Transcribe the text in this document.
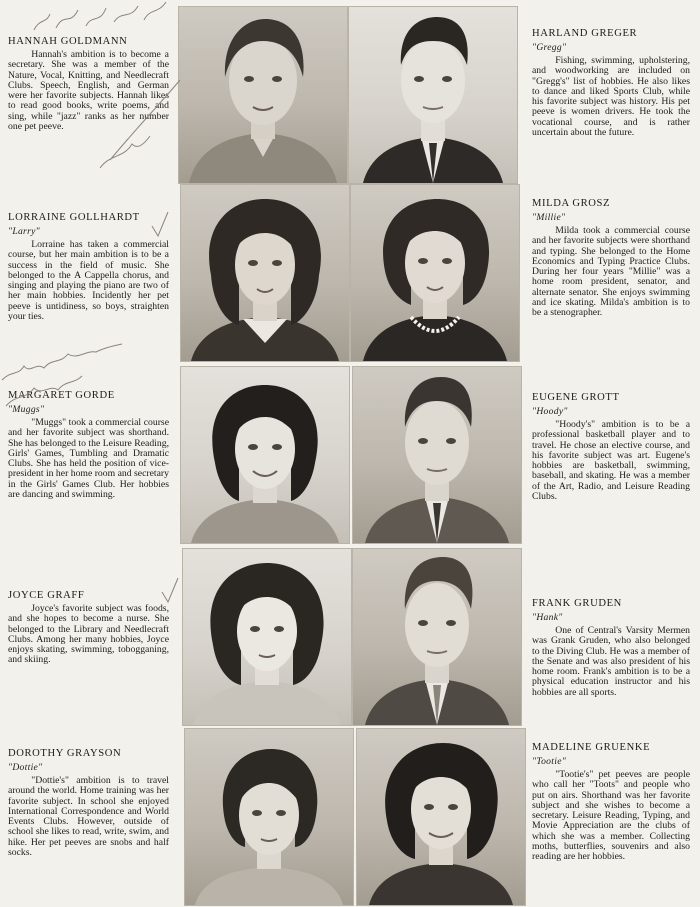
HANNAH GOLDMANN

Hannah's ambition is to become a secretary. She was a member of the Nature, Vocal, Knitting, and Needlecraft Clubs. Speech, English, and German were her favorite subjects. Hannah likes to read good books, write poems, and sing, while "jazz" ranks as her number one pet peeve.

HARLAND GREGER
"Gregg"

Fishing, swimming, upholstering, and woodworking are included on "Gregg's" list of hobbies. He also likes to dance and liked Sports Club, while his favorite subject was history. His pet peeve is women drivers. He took the vocational course, and is rather uncertain about the future.

LORRAINE GOLLHARDT
"Larry"

Lorraine has taken a commercial course, but her main ambition is to be a success in the field of music. She belonged to the A Cappella chorus, and singing and playing the piano are two of her main hobbies. Incidently her pet peeve is untidiness, so boys, straighten your ties.

MILDA GROSZ
"Millie"

Milda took a commercial course and her favorite subjects were shorthand and typing. She belonged to the Home Economics and Typing Practice Clubs. During her four years "Millie" was a home room president, senator, and alternate senator. She enjoys swimming and ice skating. Milda's ambition is to be a stenographer.

MARGARET GORDE
"Muggs"

"Muggs" took a commercial course and her favorite subject was shorthand. She has belonged to the Leisure Reading, Girls' Games, Tumbling and Dramatic Clubs. She has held the position of vice-president in her home room and secretary in the Girls' Games Club. Her hobbies are dancing and swimming.

EUGENE GROTT
"Hoody"

"Hoody's" ambition is to be a professional basketball player and to travel. He chose an elective course, and his favorite subject was art. Eugene's hobbies are basketball, swimming, baseball, and skating. He was a member of the Art, Radio, and Leisure Reading Clubs.

JOYCE GRAFF

Joyce's favorite subject was foods, and she hopes to become a nurse. She belonged to the Library and Needlecraft Clubs. Among her many hobbies, Joyce enjoys skating, swimming, tobogganing, and skiing.

FRANK GRUDEN
"Hank"

One of Central's Varsity Mermen was Grank Gruden, who also belonged to the Diving Club. He was a member of the Senate and was also president of his home room. Frank's ambition is to be a physical education instructor and his hobbies are all sports.

DOROTHY GRAYSON
"Dottie"

"Dottie's" ambition is to travel around the world. Home training was her favorite subject. In school she enjoyed International Correspondence and World Events Clubs. However, outside of school she likes to read, write, swim, and hike. Her pet peeves are snobs and half socks.

MADELINE GRUENKE
"Tootie"

"Tootie's" pet peeves are people who call her "Toots" and people who put on airs. Shorthand was her favorite subject and she wishes to become a secretary. Leisure Reading, Typing, and Movie Appreciation are the clubs of which she was a member. Collecting moths, butterflies, souvenirs and also reading are her hobbies.
